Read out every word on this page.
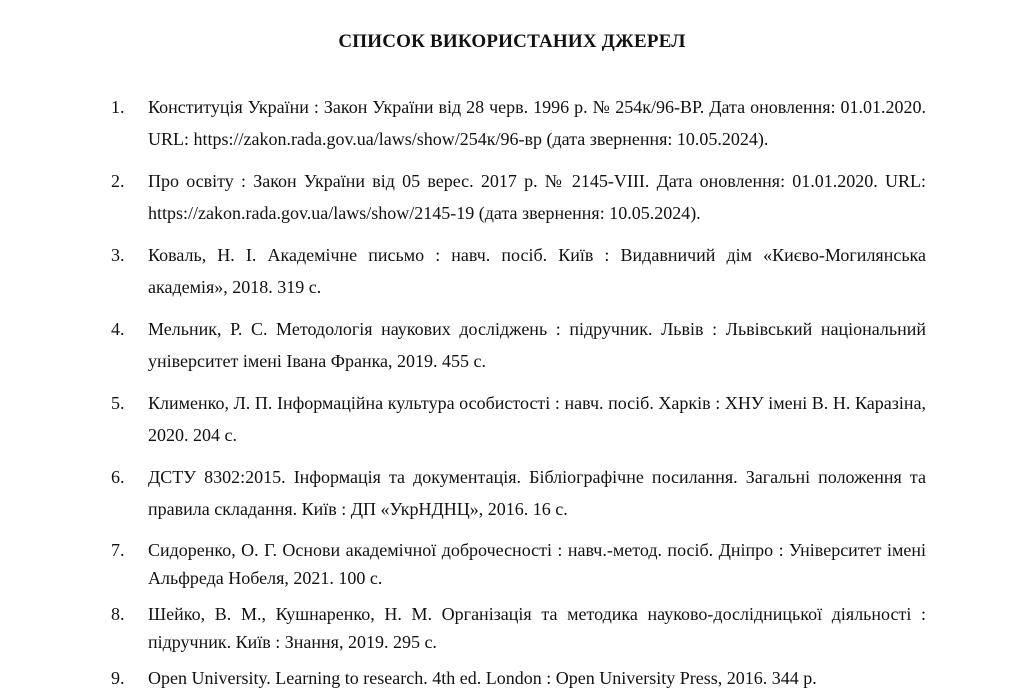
СПИСОК ВИКОРИСТАНИХ ДЖЕРЕЛ
1. Конституція України : Закон України від 28 черв. 1996 р. № 254к/96-ВР. Дата оновлення: 01.01.2020. URL: https://zakon.rada.gov.ua/laws/show/254к/96-вр (дата звернення: 10.05.2024).
2. Про освіту : Закон України від 05 верес. 2017 р. № 2145-VIII. Дата оновлення: 01.01.2020. URL: https://zakon.rada.gov.ua/laws/show/2145-19 (дата звернення: 10.05.2024).
3. Коваль, Н. І. Академічне письмо : навч. посіб. Київ : Видавничий дім «Києво-Могилянська академія», 2018. 319 с.
4. Мельник, Р. С. Методологія наукових досліджень : підручник. Львів : Львівський національний університет імені Івана Франка, 2019. 455 с.
5. Клименко, Л. П. Інформаційна культура особистості : навч. посіб. Харків : ХНУ імені В. Н. Каразіна, 2020. 204 с.
6. ДСТУ 8302:2015. Інформація та документація. Бібліографічне посилання. Загальні положення та правила складання. Київ : ДП «УкрНДНЦ», 2016. 16 с.
7. Сидоренко, О. Г. Основи академічної доброчесності : навч.-метод. посіб. Дніпро : Університет імені Альфреда Нобеля, 2021. 100 с.
8. Шейко, В. М., Кушнаренко, Н. М. Організація та методика науково-дослідницької діяльності : підручник. Київ : Знання, 2019. 295 с.
9. Open University. Learning to research. 4th ed. London : Open University Press, 2016. 344 p.
